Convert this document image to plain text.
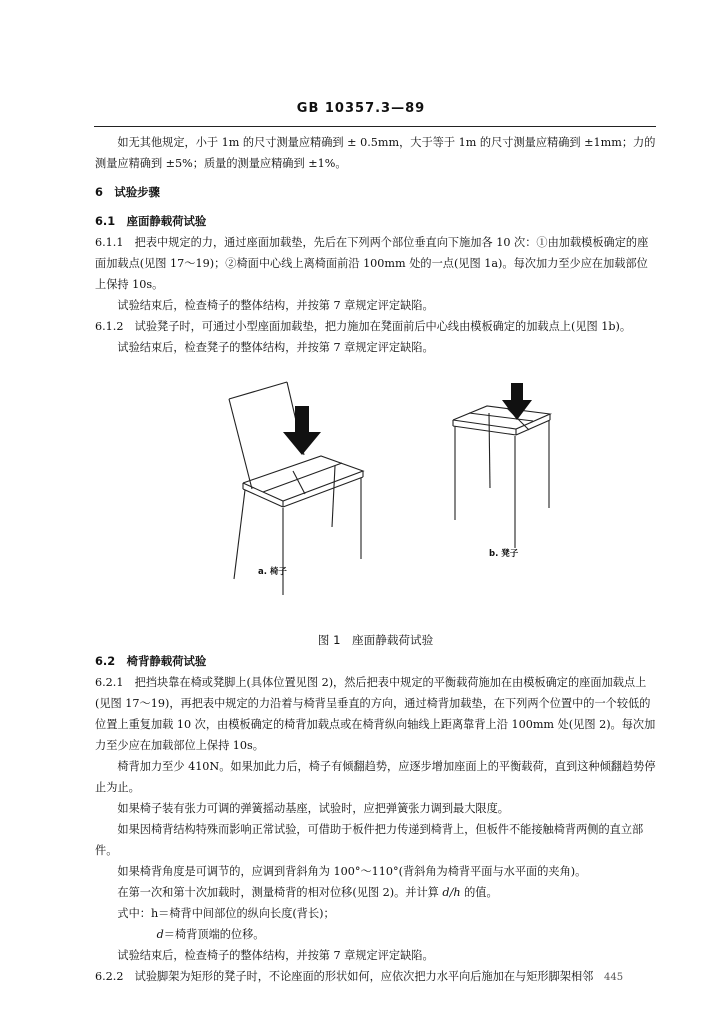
GB 10357.3—89

如无其他规定，小于 1m 的尺寸测量应精确到 ± 0.5mm，大于等于 1m 的尺寸测量应精确到 ±1mm；力的测量应精确到 ±5%；质量的测量应精确到 ±1%。

6　试验步骤

6.1　座面静载荷试验

6.1.1　把表中规定的力，通过座面加载垫，先后在下列两个部位垂直向下施加各 10 次：①由加载模板确定的座面加载点(见图 17～19)；②椅面中心线上离椅面前沿 100mm 处的一点(见图 1a)。每次加力至少应在加载部位上保持 10s。

试验结束后，检查椅子的整体结构，并按第 7 章规定评定缺陷。

6.1.2　试验凳子时，可通过小型座面加载垫，把力施加在凳面前后中心线由模板确定的加载点上(见图 1b)。

试验结束后，检查凳子的整体结构，并按第 7 章规定评定缺陷。

a. 椅子
b. 凳子

图 1　座面静载荷试验

6.2　椅背静载荷试验

6.2.1　把挡块靠在椅或凳脚上(具体位置见图 2)，然后把表中规定的平衡载荷施加在由模板确定的座面加载点上(见图 17～19)，再把表中规定的力沿着与椅背呈垂直的方向，通过椅背加载垫，在下列两个位置中的一个较低的位置上重复加载 10 次，由模板确定的椅背加载点或在椅背纵向轴线上距离靠背上沿 100mm 处(见图 2)。每次加力至少应在加载部位上保持 10s。

椅背加力至少 410N。如果加此力后，椅子有倾翻趋势，应逐步增加座面上的平衡载荷，直到这种倾翻趋势停止为止。

如果椅子装有张力可调的弹簧摇动基座，试验时，应把弹簧张力调到最大限度。

如果因椅背结构特殊而影响正常试验，可借助于板件把力传递到椅背上，但板件不能接触椅背两侧的直立部件。

如果椅背角度是可调节的，应调到背斜角为 100°～110°(背斜角为椅背平面与水平面的夹角)。

在第一次和第十次加载时，测量椅背的相对位移(见图 2)。并计算 d/h 的值。

式中：h＝椅背中间部位的纵向长度(背长)；

d＝椅背顶端的位移。

试验结束后，检查椅子的整体结构，并按第 7 章规定评定缺陷。

6.2.2　试验脚架为矩形的凳子时，不论座面的形状如何，应依次把力水平向后施加在与矩形脚架相邻	445
